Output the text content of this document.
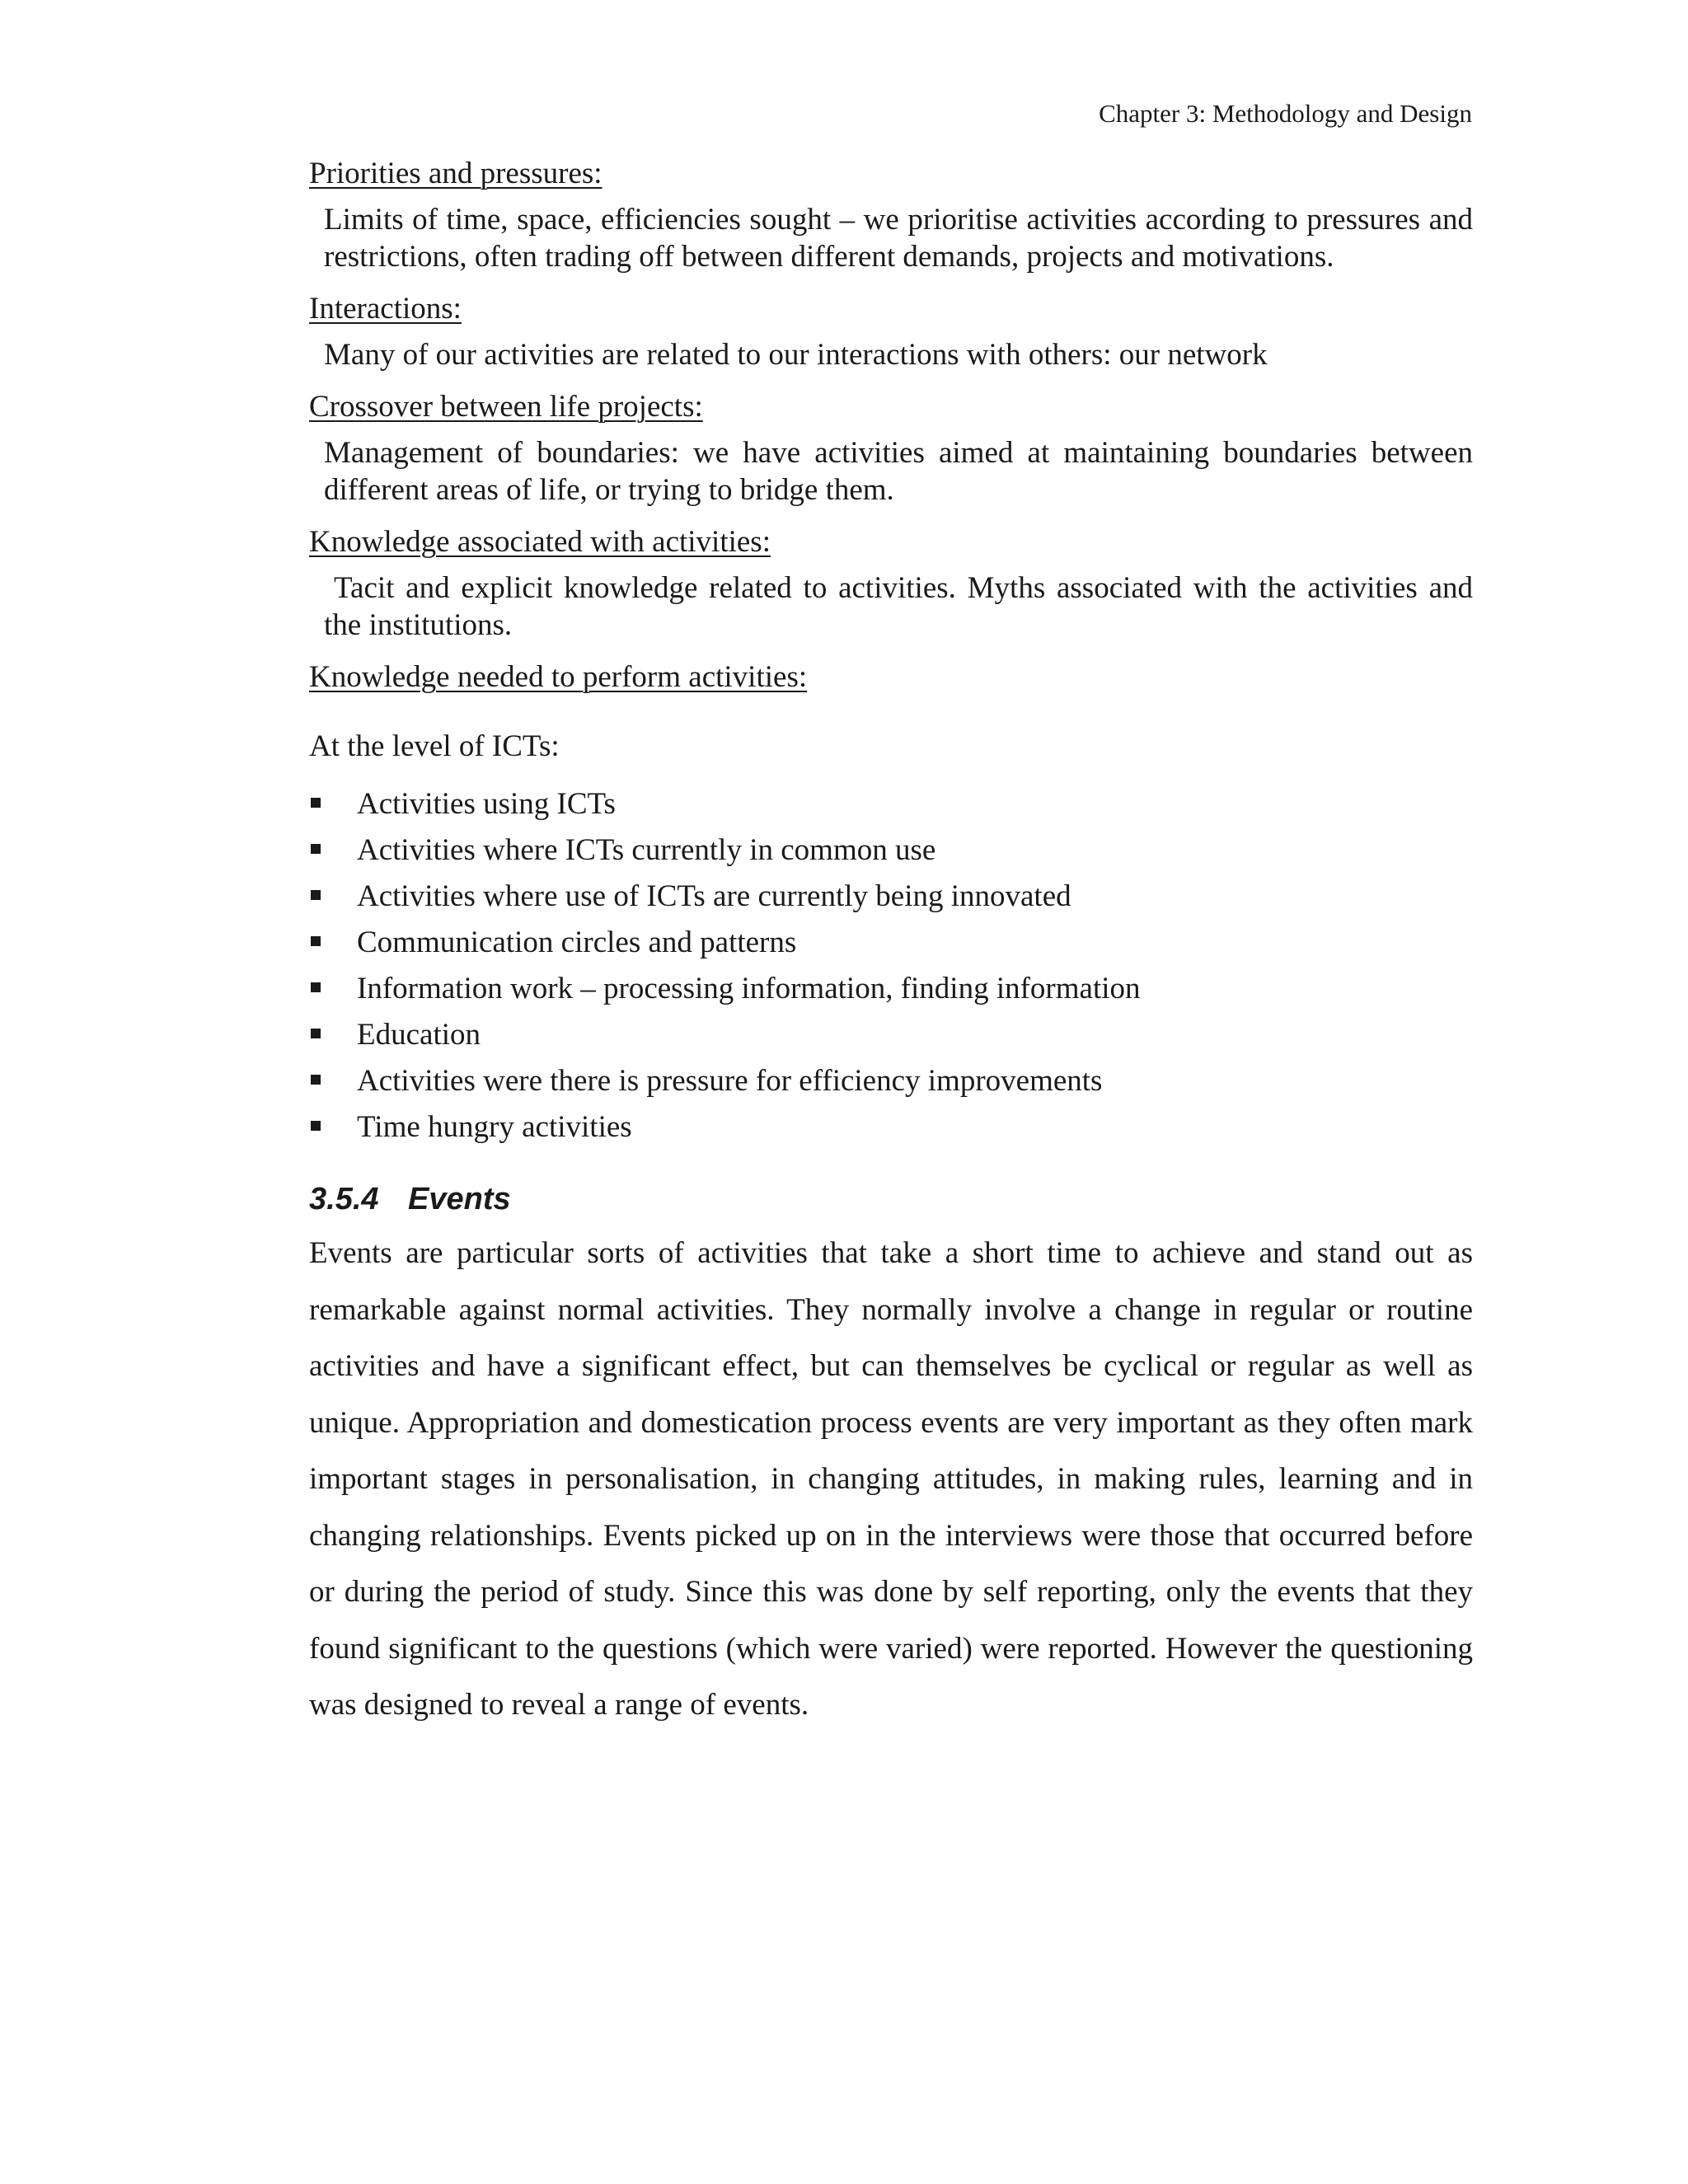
Chapter 3: Methodology and Design

Priorities and pressures:

Limits of time, space, efficiencies sought – we prioritise activities according to pressures and restrictions, often trading off between different demands, projects and motivations.

Interactions:

Many of our activities are related to our interactions with others: our network

Crossover between life projects:

Management of boundaries: we have activities aimed at maintaining boundaries between different areas of life, or trying to bridge them.

Knowledge associated with activities:

Tacit and explicit knowledge related to activities. Myths associated with the activities and the institutions.

Knowledge needed to perform activities:

At the level of ICTs:

Activities using ICTs
Activities where ICTs currently in common use
Activities where use of ICTs are currently being innovated
Communication circles and patterns
Information work – processing information, finding information
Education
Activities were there is pressure for efficiency improvements
Time hungry activities
3.5.4 Events

Events are particular sorts of activities that take a short time to achieve and stand out as remarkable against normal activities. They normally involve a change in regular or routine activities and have a significant effect, but can themselves be cyclical or regular as well as unique. Appropriation and domestication process events are very important as they often mark important stages in personalisation, in changing attitudes, in making rules, learning and in changing relationships. Events picked up on in the interviews were those that occurred before or during the period of study. Since this was done by self reporting, only the events that they found significant to the questions (which were varied) were reported. However the questioning was designed to reveal a range of events.
